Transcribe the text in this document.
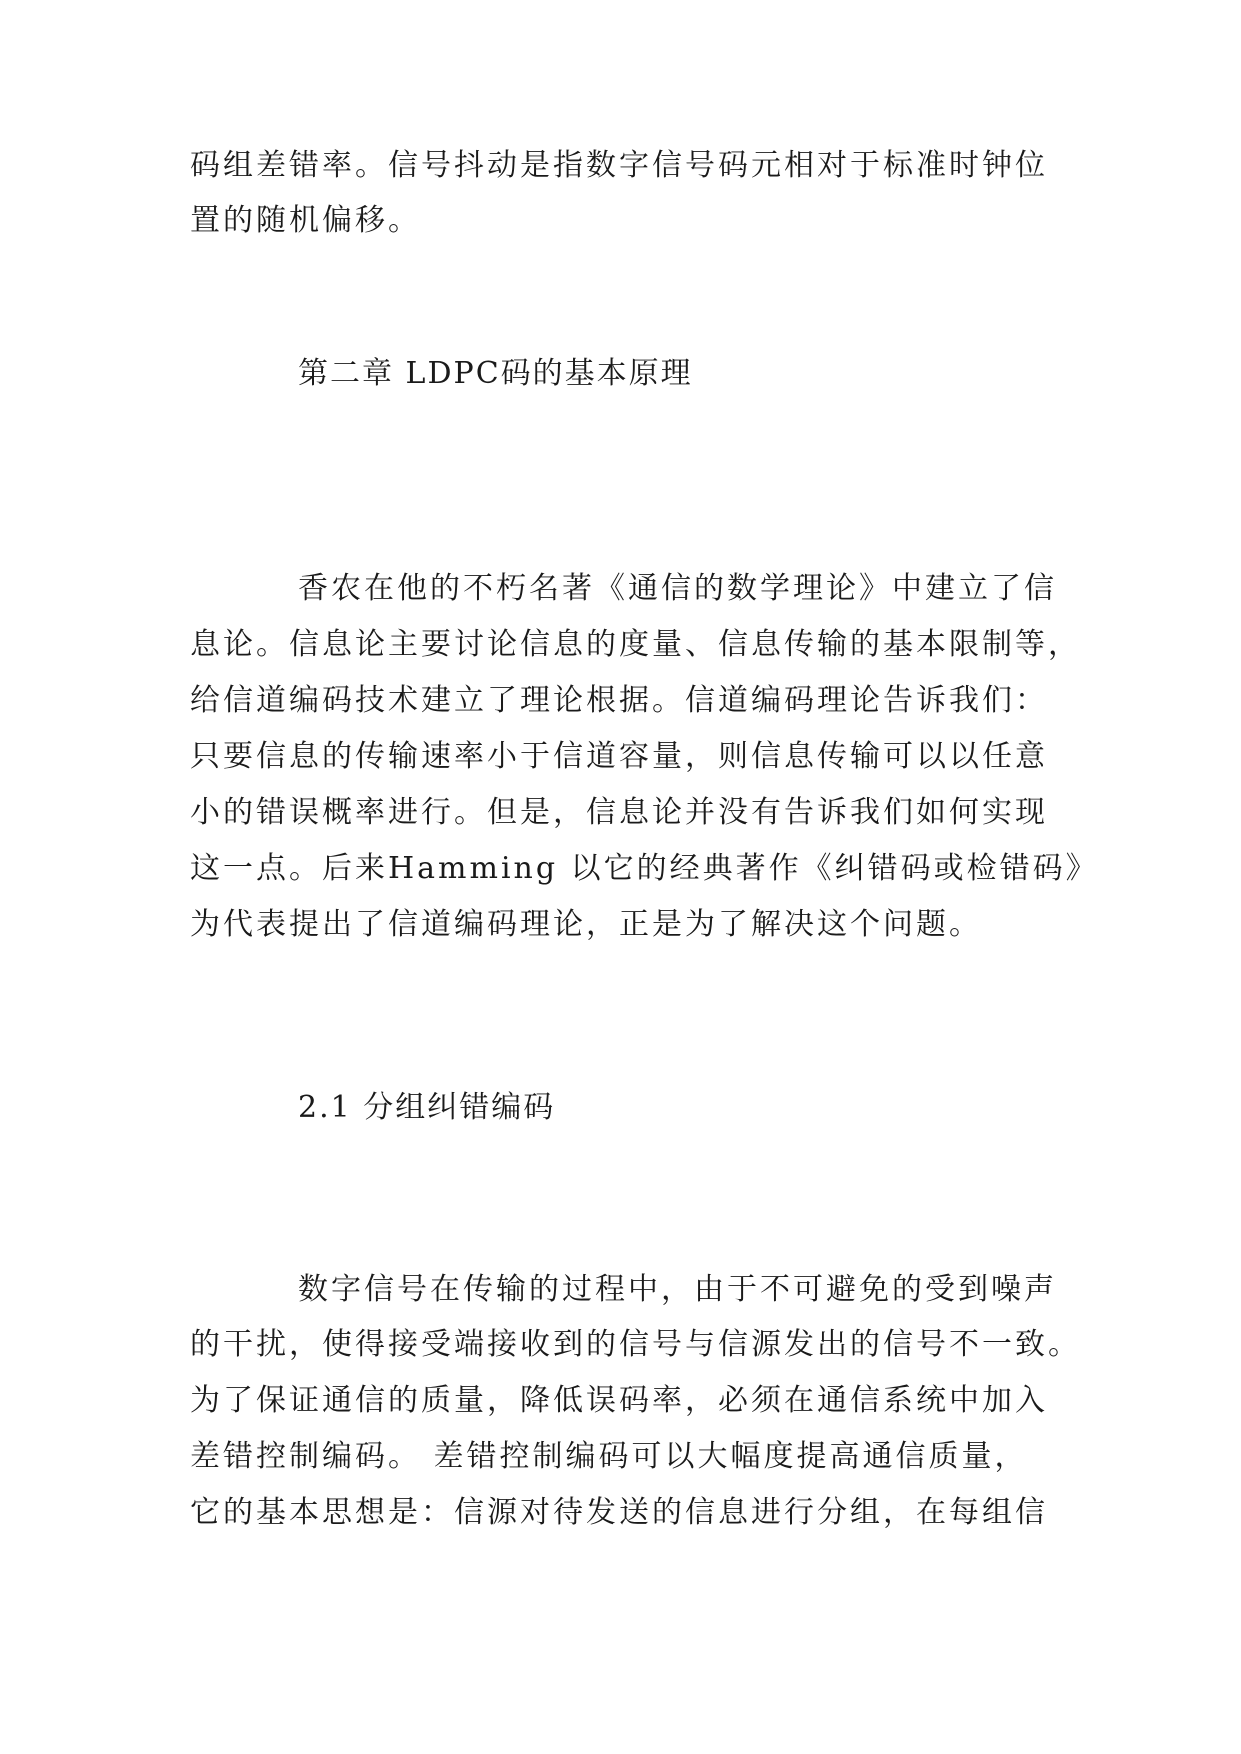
码组差错率。信号抖动是指数字信号码元相对于标准时钟位
置的随机偏移。
第二章 LDPC码的基本原理
香农在他的不朽名著《通信的数学理论》中建立了信
息论。信息论主要讨论信息的度量、信息传输的基本限制等，
给信道编码技术建立了理论根据。信道编码理论告诉我们：
只要信息的传输速率小于信道容量，则信息传输可以以任意
小的错误概率进行。但是，信息论并没有告诉我们如何实现
这一点。后来Hamming 以它的经典著作《纠错码或检错码》
为代表提出了信道编码理论，正是为了解决这个问题。
2.1 分组纠错编码
数字信号在传输的过程中，由于不可避免的受到噪声
的干扰，使得接受端接收到的信号与信源发出的信号不一致。
为了保证通信的质量，降低误码率，必须在通信系统中加入
差错控制编码。 差错控制编码可以大幅度提高通信质量，
它的基本思想是：信源对待发送的信息进行分组，在每组信
